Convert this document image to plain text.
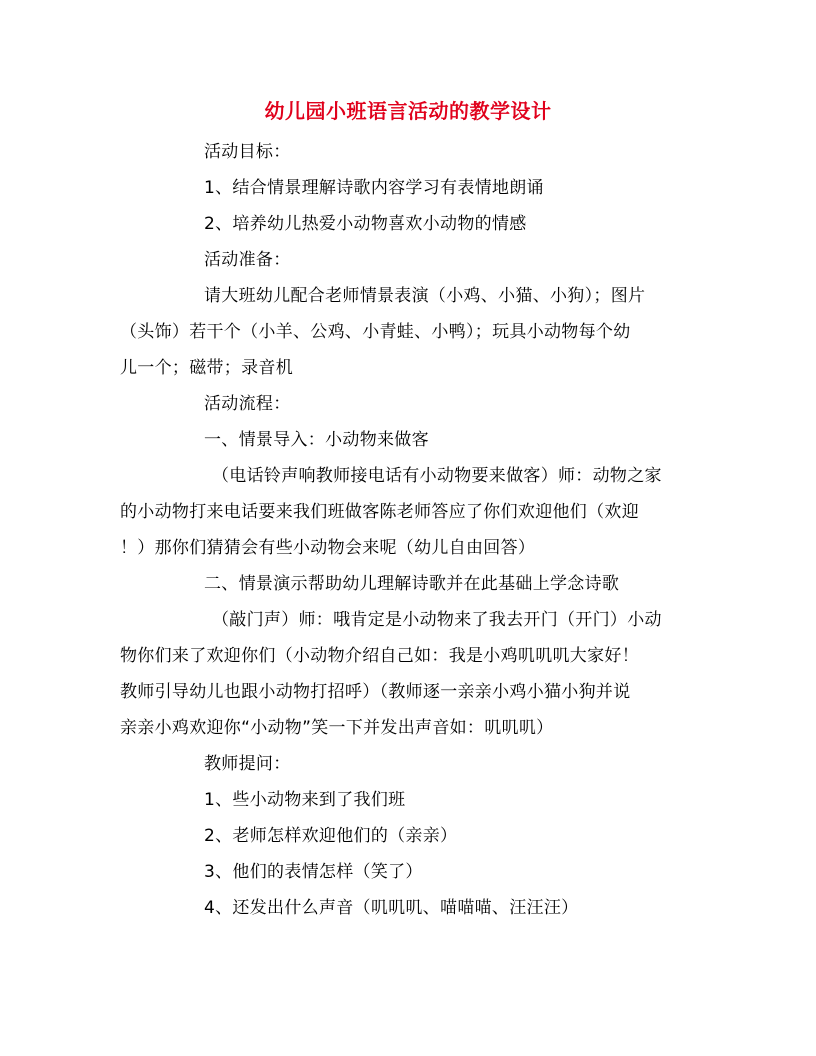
幼儿园小班语言活动的教学设计
活动目标：
1、结合情景理解诗歌内容学习有表情地朗诵
2、培养幼儿热爱小动物喜欢小动物的情感
活动准备：
请大班幼儿配合老师情景表演（小鸡、小猫、小狗）；图片
（头饰）若干个（小羊、公鸡、小青蛙、小鸭）；玩具小动物每个幼
儿一个；磁带；录音机
活动流程：
一、情景导入：小动物来做客
（电话铃声响教师接电话有小动物要来做客）师：动物之家
的小动物打来电话要来我们班做客陈老师答应了你们欢迎他们（欢迎
！）那你们猜猜会有些小动物会来呢（幼儿自由回答）
二、情景演示帮助幼儿理解诗歌并在此基础上学念诗歌
（敲门声）师：哦肯定是小动物来了我去开门（开门）小动
物你们来了欢迎你们（小动物介绍自己如：我是小鸡叽叽叽大家好！
教师引导幼儿也跟小动物打招呼）（教师逐一亲亲小鸡小猫小狗并说
亲亲小鸡欢迎你“小动物”笑一下并发出声音如：叽叽叽）
教师提问：
1、些小动物来到了我们班
2、老师怎样欢迎他们的（亲亲）
3、他们的表情怎样（笑了）
4、还发出什么声音（叽叽叽、喵喵喵、汪汪汪）
